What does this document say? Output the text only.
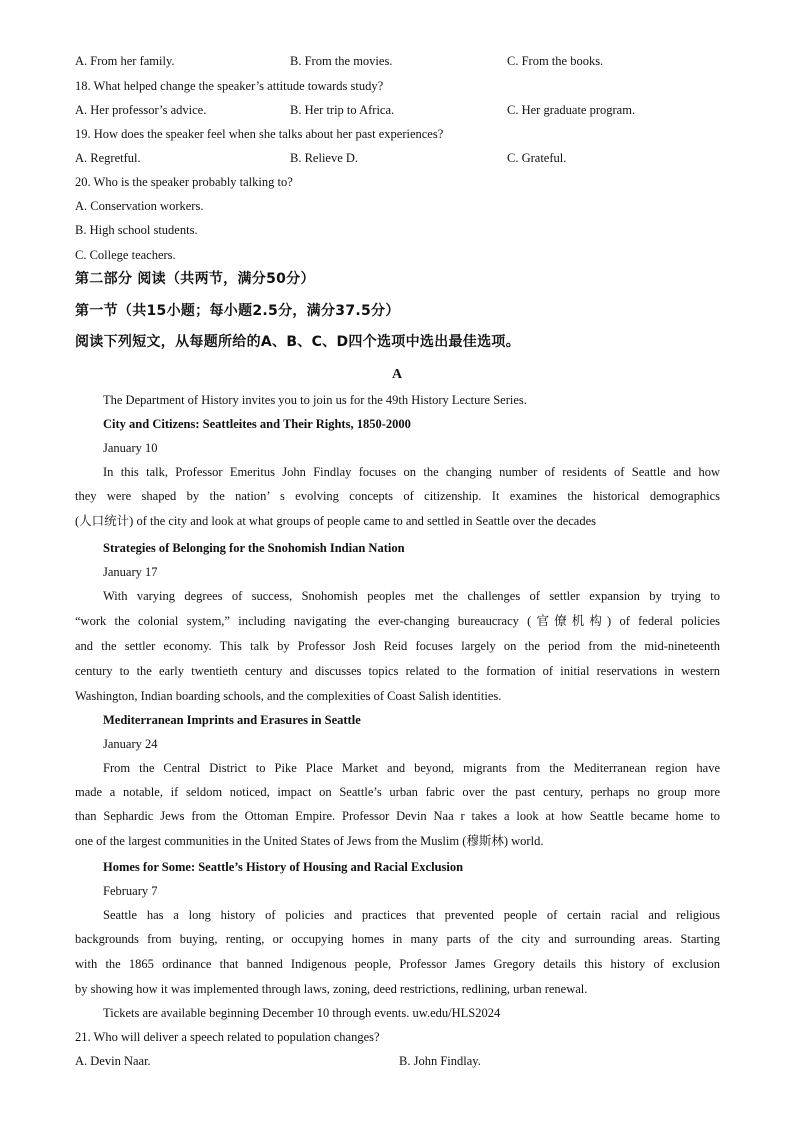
A. From her family.	B. From the movies.	C. From the books.
18. What helped change the speaker’s attitude towards study?
A. Her professor’s advice.	B. Her trip to Africa.	C. Her graduate program.
19. How does the speaker feel when she talks about her past experiences?
A. Regretful.	B. Relieve D.	C. Grateful.
20. Who is the speaker probably talking to?
A. Conservation workers.
B. High school students.
C. College teachers.
第二部分 阅读（共两节，满分50分）
第一节（共15小题；每小题2.5分，满分37.5分）
阅读下列短文，从每题所给的A、B、C、D四个选项中选出最佳选项。
A
The Department of History invites you to join us for the 49th History Lecture Series.
City and Citizens: Seattleites and Their Rights, 1850-2000
January 10
In this talk, Professor Emeritus John Findlay focuses on the changing number of residents of Seattle and how
they were shaped by the nation’ s evolving concepts of citizenship. It examines the historical demographics
(人口统计) of the city and look at what groups of people came to and settled in Seattle over the decades
Strategies of Belonging for the Snohomish Indian Nation
January 17
With varying degrees of success, Snohomish peoples met the challenges of settler expansion by trying to
“work the colonial system,” including navigating the ever-changing bureaucracy (官僚机构) of federal policies
and the settler economy. This talk by Professor Josh Reid focuses largely on the period from the mid-nineteenth
century to the early twentieth century and discusses topics related to the formation of initial reservations in western
Washington, Indian boarding schools, and the complexities of Coast Salish identities.
Mediterranean Imprints and Erasures in Seattle
January 24
From the Central District to Pike Place Market and beyond, migrants from the Mediterranean region have
made a notable, if seldom noticed, impact on Seattle’s urban fabric over the past century, perhaps no group more
than Sephardic Jews from the Ottoman Empire. Professor Devin Naa r takes a look at how Seattle became home to
one of the largest communities in the United States of Jews from the Muslim (穆斯林) world.
Homes for Some: Seattle’s History of Housing and Racial Exclusion
February 7
Seattle has a long history of policies and practices that prevented people of certain racial and religious
backgrounds from buying, renting, or occupying homes in many parts of the city and surrounding areas. Starting
with the 1865 ordinance that banned Indigenous people, Professor James Gregory details this history of exclusion
by showing how it was implemented through laws, zoning, deed restrictions, redlining, urban renewal.
Tickets are available beginning December 10 through events. uw.edu/HLS2024
21. Who will deliver a speech related to population changes?
A. Devin Naar.	B. John Findlay.
